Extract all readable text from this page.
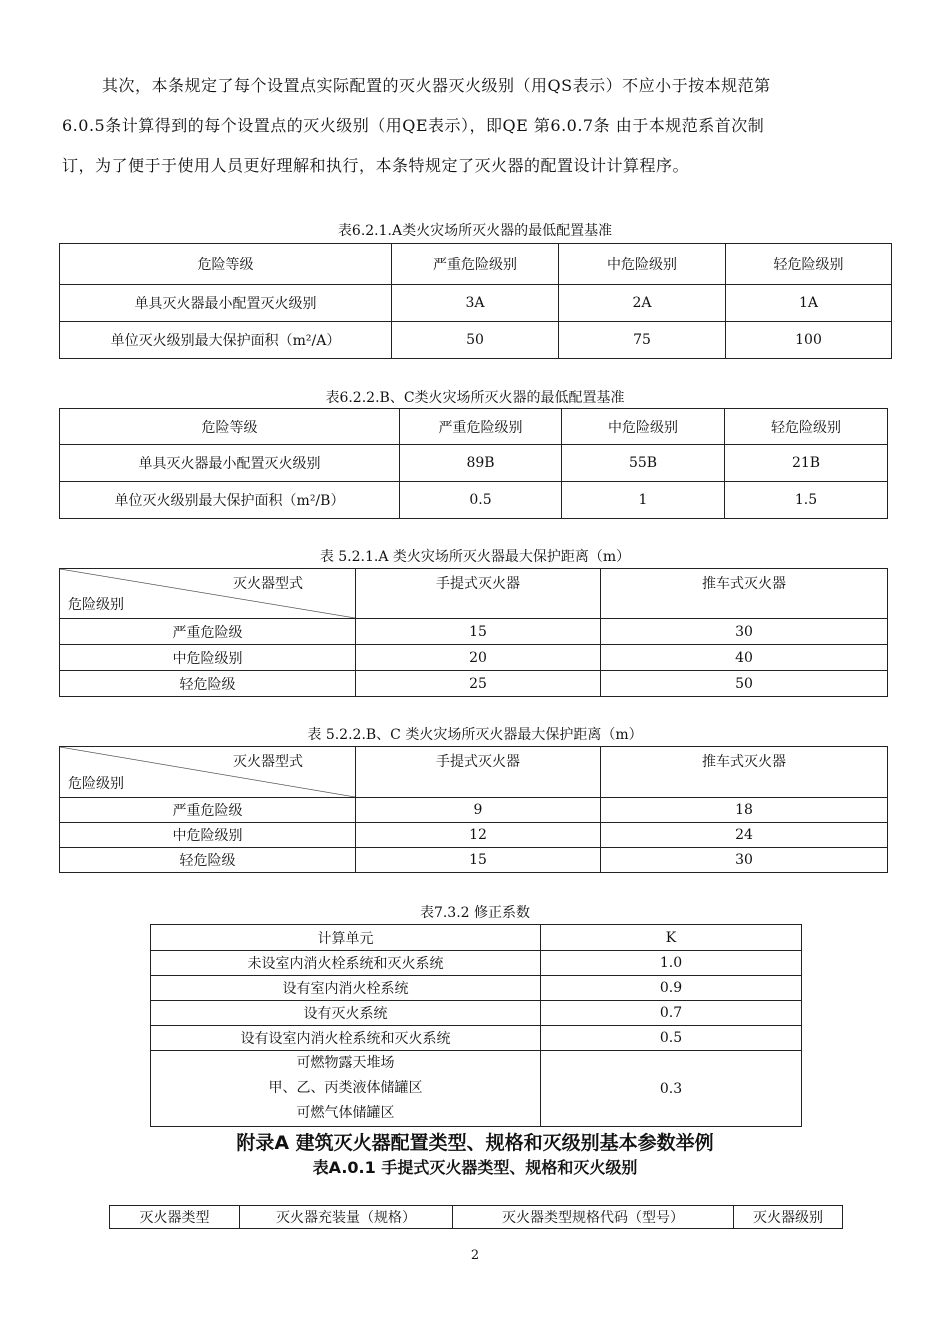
其次，本条规定了每个设置点实际配置的灭火器灭火级别（用QS表示）不应小于按本规范第
6.0.5条计算得到的每个设置点的灭火级别（用QE表示），即QE 第6.0.7条 由于本规范系首次制
订，为了便于于使用人员更好理解和执行，本条特规定了灭火器的配置设计计算程序。
表6.2.1.A类火灾场所灭火器的最低配置基准
危险等级	严重危险级别	中危险级别	轻危险级别
单具灭火器最小配置灭火级别	3A	2A	1A
单位灭火级别最大保护面积（m²/A）	50	75	100
表6.2.2.B、C类火灾场所灭火器的最低配置基准
危险等级	严重危险级别	中危险级别	轻危险级别
单具灭火器最小配置灭火级别	89B	55B	21B
单位灭火级别最大保护面积（m²/B）	0.5	1	1.5
表 5.2.1.A 类火灾场所灭火器最大保护距离（m）
灭火器型式
危险级别	手提式灭火器	推车式灭火器
严重危险级	15	30
中危险级别	20	40
轻危险级	25	50
表 5.2.2.B、C 类火灾场所灭火器最大保护距离（m）
灭火器型式
危险级别	手提式灭火器	推车式灭火器
严重危险级	9	18
中危险级别	12	24
轻危险级	15	30
表7.3.2 修正系数
计算单元	K
未设室内消火栓系统和灭火系统	1.0
设有室内消火栓系统	0.9
设有灭火系统	0.7
设有设室内消火栓系统和灭火系统	0.5

可燃物露天堆场
甲、乙、丙类液体储罐区
可燃气体储罐区	0.3
附录A 建筑灭火器配置类型、规格和灭级别基本参数举例
表A.0.1 手提式灭火器类型、规格和灭火级别
灭火器类型	灭火器充装量（规格）	灭火器类型规格代码（型号）	灭火器级别
2
